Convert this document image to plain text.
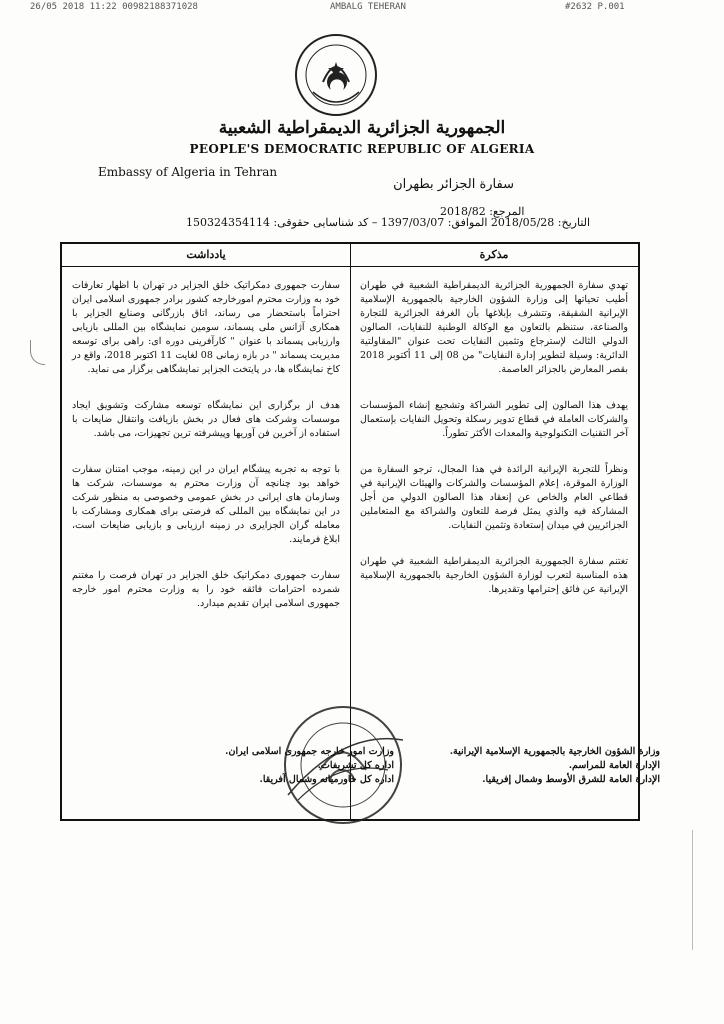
26/05 2018 11:22 00982188371028	AMBALG TEHERAN	#2632 P.001
الجمهورية الجزائرية الديمقراطية الشعبية
PEOPLE'S DEMOCRATIC REPUBLIC OF ALGERIA
Embassy of Algeria in Tehran
سفارة الجزائر بطهران
المرجع: 2018/82
التاريخ: 2018/05/28 الموافق: 1397/03/07 – كد شناسايى حقوقى: 150324354114
يادداشت

سفارت جمهوری دمکراتیک خلق الجزایر در تهران با اظهار تعارفات خود به وزارت محترم امورخارجه کشور برادر جمهوری اسلامی ایران احتراماً باستحضار می رساند، اتاق بازرگانی وصنایع الجزایر با همکاری آژانس ملی پسماند، سومین نمایشگاه بین المللی بازیابی وارزیابی پسماند با عنوان " کارآفرینی دوره ای: راهی برای توسعه مدیریت پسماند " در بازه زمانی 08 لغایت 11 اکتوبر 2018، واقع در کاخ نمایشگاه ها، در پایتخت الجزایر نمایشگاهی برگزار می نماید.

هدف از برگزاری این نمایشگاه توسعه مشارکت وتشویق ایجاد موسسات وشرکت های فعال در بخش بازیافت وانتقال ضایعات با استفاده از آخرین فن آوریها وپیشرفته ترین تجهیزات، می باشد.

با توجه به تجربه پیشگام ایران در این زمینه، موجب امتنان سفارت خواهد بود چنانچه آن وزارت محترم به موسسات، شرکت ها وسازمان های ایرانی در بخش عمومی وخصوصی به منظور شرکت در این نمایشگاه بین المللی که فرصتی برای همکاری ومشارکت با معامله گران الجزایری در زمینه ارزیابی و بازیابی ضایعات است، ابلاغ فرمایند.

سفارت جمهوری دمکراتیک خلق الجزایر در تهران فرصت را مغتنم شمرده احترامات فائقه خود را به وزارت محترم امور خارجه جمهوری اسلامی ایران تقدیم میدارد.

مذكرة

تهدي سفارة الجمهورية الجزائرية الديمقراطية الشعبية في طهران أطيب تحياتها إلى وزارة الشؤون الخارجية بالجمهورية الإسلامية الإيرانية الشقيقة، وتتشرف بإبلاغها بأن الغرفة الجزائرية للتجارة والصناعة، ستنظم بالتعاون مع الوكالة الوطنية للنفايات، الصالون الدولي الثالث لإسترجاع وتثمين النفايات تحت عنوان "المقاولتية الدائرية: وسيلة لتطوير إدارة النفايات" من 08 إلى 11 أكتوبر 2018 بقصر المعارض بالجزائر العاصمة.

يهدف هذا الصالون إلى تطوير الشراكة وتشجيع إنشاء المؤسسات والشركات العاملة في قطاع تدوير رسكلة وتحويل النفايات بإستعمال آخر التقنيات التكنولوجية والمعدات الأكثر تطوراً.

ونظراً للتجربة الإيرانية الرائدة في هذا المجال، ترجو السفارة من الوزارة الموقرة، إعلام المؤسسات والشركات والهيئات الإيرانية في قطاعي العام والخاص عن إنعقاد هذا الصالون الدولي من أجل المشاركة فيه والذي يمثل فرصة للتعاون والشراكة مع المتعاملين الجزائريين في ميدان إستعادة وتثمين النفايات.

تغتنم سفارة الجمهورية الجزائرية الديمقراطية الشعبية في طهران هذه المناسبة لتعرب لوزارة الشؤون الخارجية بالجمهورية الإسلامية الإيرانية عن فائق إحترامها وتقديرها.

وزارت امور خارجه جمهوری اسلامی ایران.
اداره كل تشريفات.
اداره كل خاورميانه وشمال آفريقا.
وزارة الشؤون الخارجية بالجمهورية الإسلامية الإيرانية.
الإدارة العامة للمراسم.
الإدارة العامة للشرق الأوسط وشمال إفريقيا.
